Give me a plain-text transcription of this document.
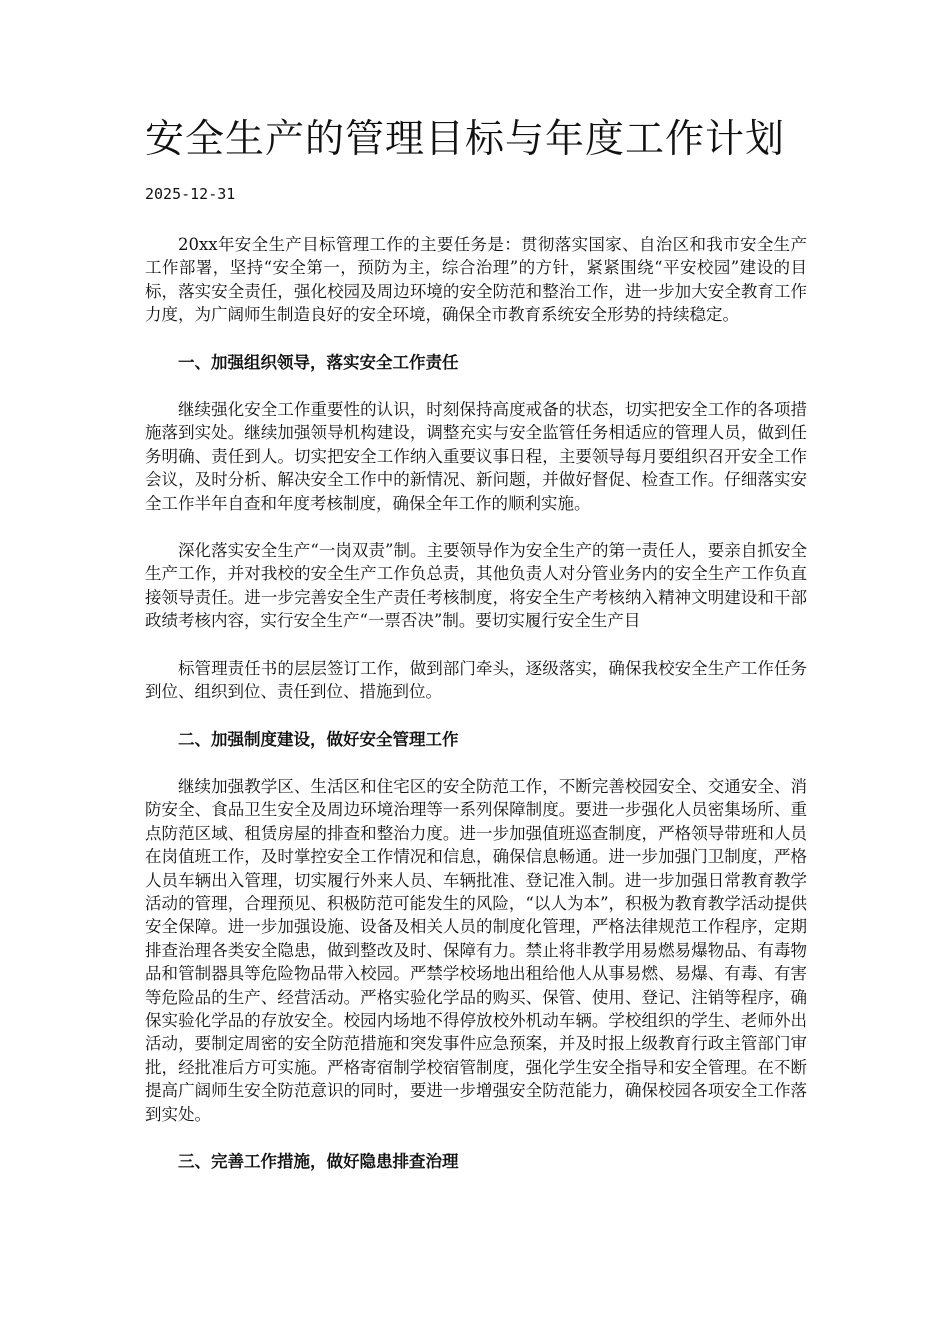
安全生产的管理目标与年度工作计划
2025-12-31

20xx年安全生产目标管理工作的主要任务是：贯彻落实国家、自治区和我市安全生产工作部署，坚持“安全第一，预防为主，综合治理”的方针，紧紧围绕“平安校园”建设的目标，落实安全责任，强化校园及周边环境的安全防范和整治工作，进一步加大安全教育工作力度，为广阔师生制造良好的安全环境，确保全市教育系统安全形势的持续稳定。

一、加强组织领导，落实安全工作责任

继续强化安全工作重要性的认识，时刻保持高度戒备的状态，切实把安全工作的各项措施落到实处。继续加强领导机构建设，调整充实与安全监管任务相适应的管理人员，做到任务明确、责任到人。切实把安全工作纳入重要议事日程，主要领导每月要组织召开安全工作会议，及时分析、解决安全工作中的新情况、新问题，并做好督促、检查工作。仔细落实安全工作半年自查和年度考核制度，确保全年工作的顺利实施。

深化落实安全生产“一岗双责”制。主要领导作为安全生产的第一责任人，要亲自抓安全生产工作，并对我校的安全生产工作负总责，其他负责人对分管业务内的安全生产工作负直接领导责任。进一步完善安全生产责任考核制度，将安全生产考核纳入精神文明建设和干部政绩考核内容，实行安全生产“一票否决”制。要切实履行安全生产目

标管理责任书的层层签订工作，做到部门牵头，逐级落实，确保我校安全生产工作任务到位、组织到位、责任到位、措施到位。

二、加强制度建设，做好安全管理工作

继续加强教学区、生活区和住宅区的安全防范工作，不断完善校园安全、交通安全、消防安全、食品卫生安全及周边环境治理等一系列保障制度。要进一步强化人员密集场所、重点防范区域、租赁房屋的排查和整治力度。进一步加强值班巡查制度，严格领导带班和人员在岗值班工作，及时掌控安全工作情况和信息，确保信息畅通。进一步加强门卫制度，严格人员车辆出入管理，切实履行外来人员、车辆批准、登记准入制。进一步加强日常教育教学活动的管理，合理预见、积极防范可能发生的风险，“以人为本”，积极为教育教学活动提供安全保障。进一步加强设施、设备及相关人员的制度化管理，严格法律规范工作程序，定期排查治理各类安全隐患，做到整改及时、保障有力。禁止将非教学用易燃易爆物品、有毒物品和管制器具等危险物品带入校园。严禁学校场地出租给他人从事易燃、易爆、有毒、有害等危险品的生产、经营活动。严格实验化学品的购买、保管、使用、登记、注销等程序，确保实验化学品的存放安全。校园内场地不得停放校外机动车辆。学校组织的学生、老师外出活动，要制定周密的安全防范措施和突发事件应急预案，并及时报上级教育行政主管部门审批，经批准后方可实施。严格寄宿制学校宿管制度，强化学生安全指导和安全管理。在不断提高广阔师生安全防范意识的同时，要进一步增强安全防范能力，确保校园各项安全工作落到实处。

三、完善工作措施，做好隐患排查治理
